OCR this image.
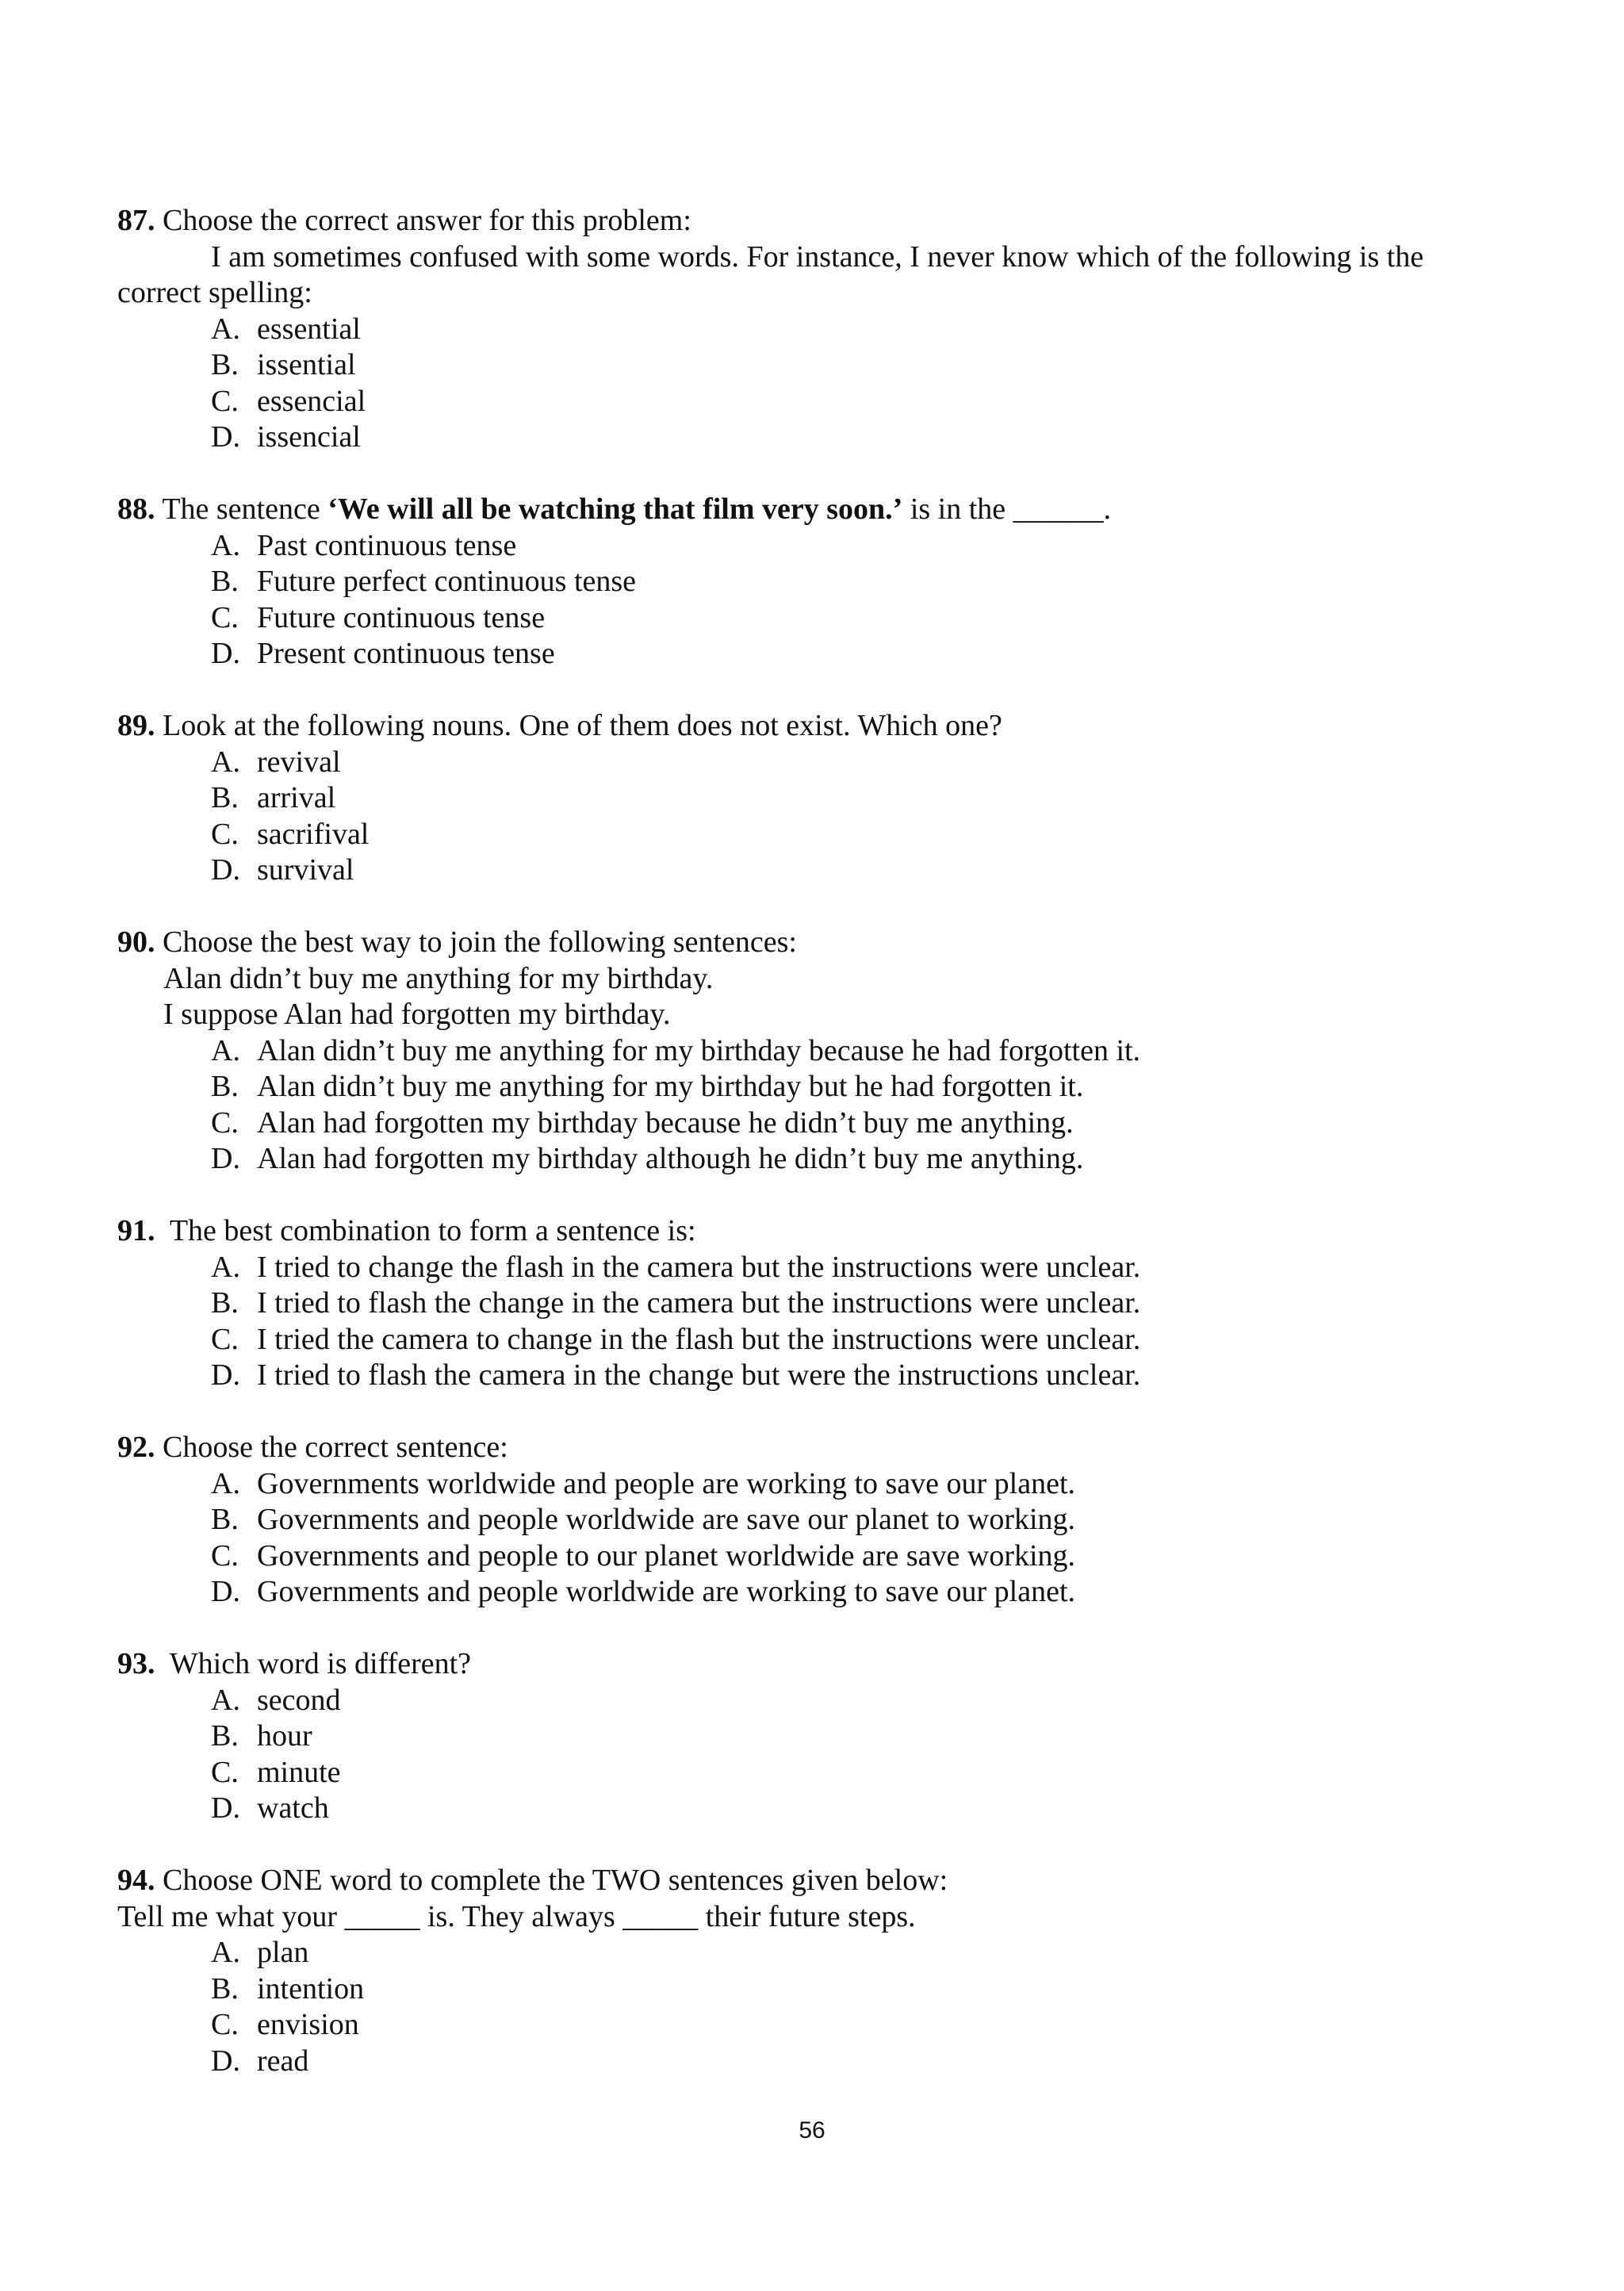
87. Choose the correct answer for this problem:
I am sometimes confused with some words. For instance, I never know which of the following is the
correct spelling:
A. essential
B. issential
C. essencial
D. issencial
88. The sentence ‘We will all be watching that film very soon.’ is in the ______.
A. Past continuous tense
B. Future perfect continuous tense
C. Future continuous tense
D. Present continuous tense
89. Look at the following nouns. One of them does not exist. Which one?
A. revival
B. arrival
C. sacrifival
D. survival
90. Choose the best way to join the following sentences:
Alan didn’t buy me anything for my birthday.
I suppose Alan had forgotten my birthday.
A. Alan didn’t buy me anything for my birthday because he had forgotten it.
B. Alan didn’t buy me anything for my birthday but he had forgotten it.
C. Alan had forgotten my birthday because he didn’t buy me anything.
D. Alan had forgotten my birthday although he didn’t buy me anything.
91.  The best combination to form a sentence is:
A. I tried to change the flash in the camera but the instructions were unclear.
B. I tried to flash the change in the camera but the instructions were unclear.
C. I tried the camera to change in the flash but the instructions were unclear.
D. I tried to flash the camera in the change but were the instructions unclear.
92. Choose the correct sentence:
A. Governments worldwide and people are working to save our planet.
B. Governments and people worldwide are save our planet to working.
C. Governments and people to our planet worldwide are save working.
D. Governments and people worldwide are working to save our planet.
93.  Which word is different?
A. second
B. hour
C. minute
D. watch
94. Choose ONE word to complete the TWO sentences given below:
Tell me what your _____ is. They always _____ their future steps.
A. plan
B. intention
C. envision
D. read
56
